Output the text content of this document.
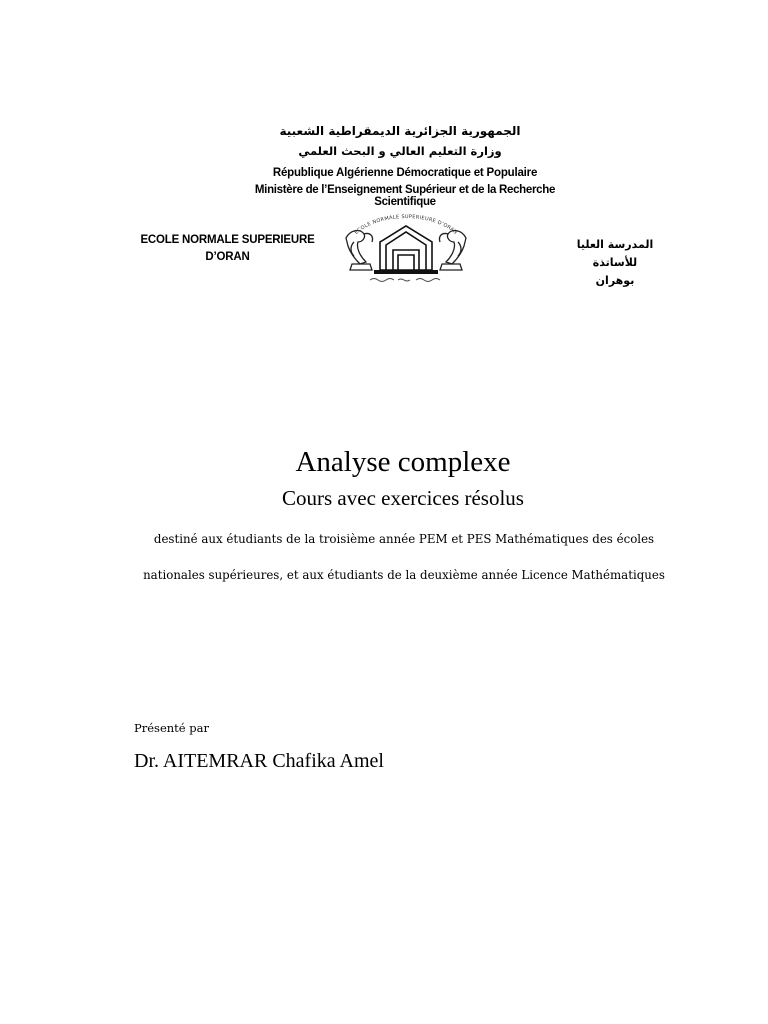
الجمهورية الجزائرية الديمقراطية الشعبية
وزارة التعليم العالي و البحث العلمي
République Algérienne Démocratique et Populaire
Ministère de l’Enseignement Supérieur et de la Recherche Scientifique
ECOLE NORMALE SUPERIEURE
D’ORAN
المدرسة العليا للأساتذة
بوهران
ECOLE NORMALE SUPERIEURE D’ORAN
Analyse complexe
Cours avec exercices résolus
destiné aux étudiants de la troisième année PEM et PES Mathématiques des écoles
nationales supérieures, et aux étudiants de la deuxième année Licence Mathématiques
Présenté par
Dr. AITEMRAR Chafika Amel
